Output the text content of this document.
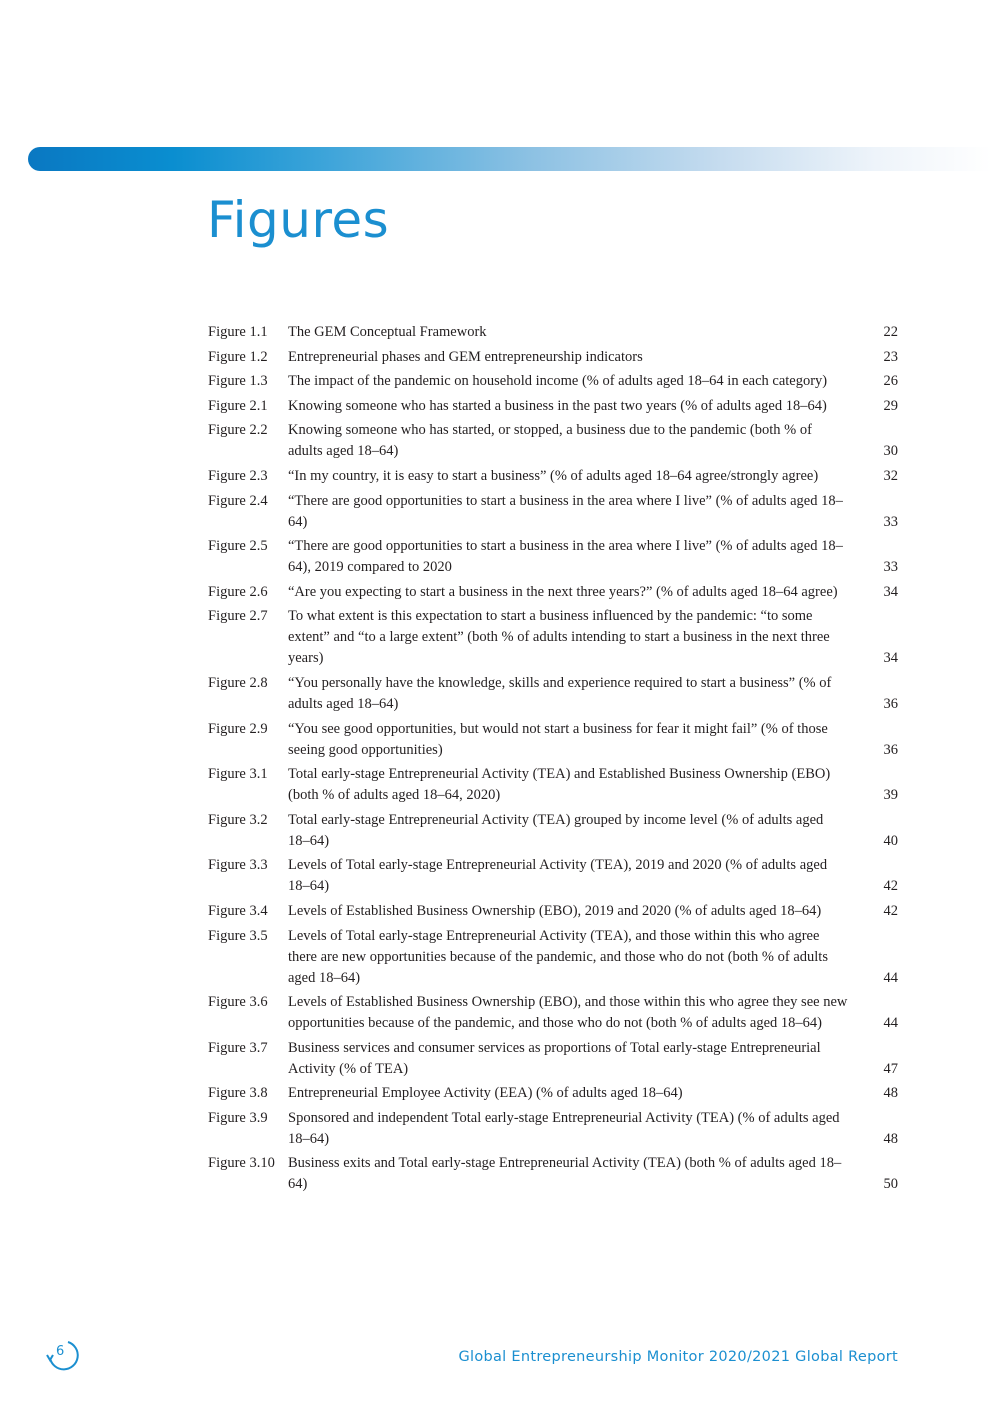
Figures
Figure 1.1	The GEM Conceptual Framework	22
Figure 1.2	Entrepreneurial phases and GEM entrepreneurship indicators	23
Figure 1.3	The impact of the pandemic on household income (% of adults aged 18–64 in each category)	26
Figure 2.1	Knowing someone who has started a business in the past two years (% of adults aged 18–64)	29
Figure 2.2	Knowing someone who has started, or stopped, a business due to the pandemic (both % of adults aged 18–64)	30
Figure 2.3	“In my country, it is easy to start a business” (% of adults aged 18–64 agree/strongly agree)	32
Figure 2.4	“There are good opportunities to start a business in the area where I live” (% of adults aged 18–64)	33
Figure 2.5	“There are good opportunities to start a business in the area where I live” (% of adults aged 18–64), 2019 compared to 2020	33
Figure 2.6	“Are you expecting to start a business in the next three years?” (% of adults aged 18–64 agree)	34
Figure 2.7	To what extent is this expectation to start a business influenced by the pandemic: “to some extent” and “to a large extent” (both % of adults intending to start a business in the next three years)	34
Figure 2.8	“You personally have the knowledge, skills and experience required to start a business” (% of adults aged 18–64)	36
Figure 2.9	“You see good opportunities, but would not start a business for fear it might fail” (% of those seeing good opportunities)	36
Figure 3.1	Total early-stage Entrepreneurial Activity (TEA) and Established Business Ownership (EBO) (both % of adults aged 18–64, 2020)	39
Figure 3.2	Total early-stage Entrepreneurial Activity (TEA) grouped by income level (% of adults aged 18–64)	40
Figure 3.3	Levels of Total early-stage Entrepreneurial Activity (TEA), 2019 and 2020 (% of adults aged 18–64)	42
Figure 3.4	Levels of Established Business Ownership (EBO), 2019 and 2020 (% of adults aged 18–64)	42
Figure 3.5	Levels of Total early-stage Entrepreneurial Activity (TEA), and those within this who agree there are new opportunities because of the pandemic, and those who do not (both % of adults aged 18–64)	44
Figure 3.6	Levels of Established Business Ownership (EBO), and those within this who agree they see new opportunities because of the pandemic, and those who do not (both % of adults aged 18–64)	44
Figure 3.7	Business services and consumer services as proportions of Total early-stage Entrepreneurial Activity (% of TEA)	47
Figure 3.8	Entrepreneurial Employee Activity (EEA) (% of adults aged 18–64)	48
Figure 3.9	Sponsored and independent Total early-stage Entrepreneurial Activity (TEA) (% of adults aged 18–64)	48
Figure 3.10 Business exits and Total early-stage Entrepreneurial Activity (TEA) (both % of adults aged 18–64)	50
6	Global Entrepreneurship Monitor 2020/2021 Global Report
